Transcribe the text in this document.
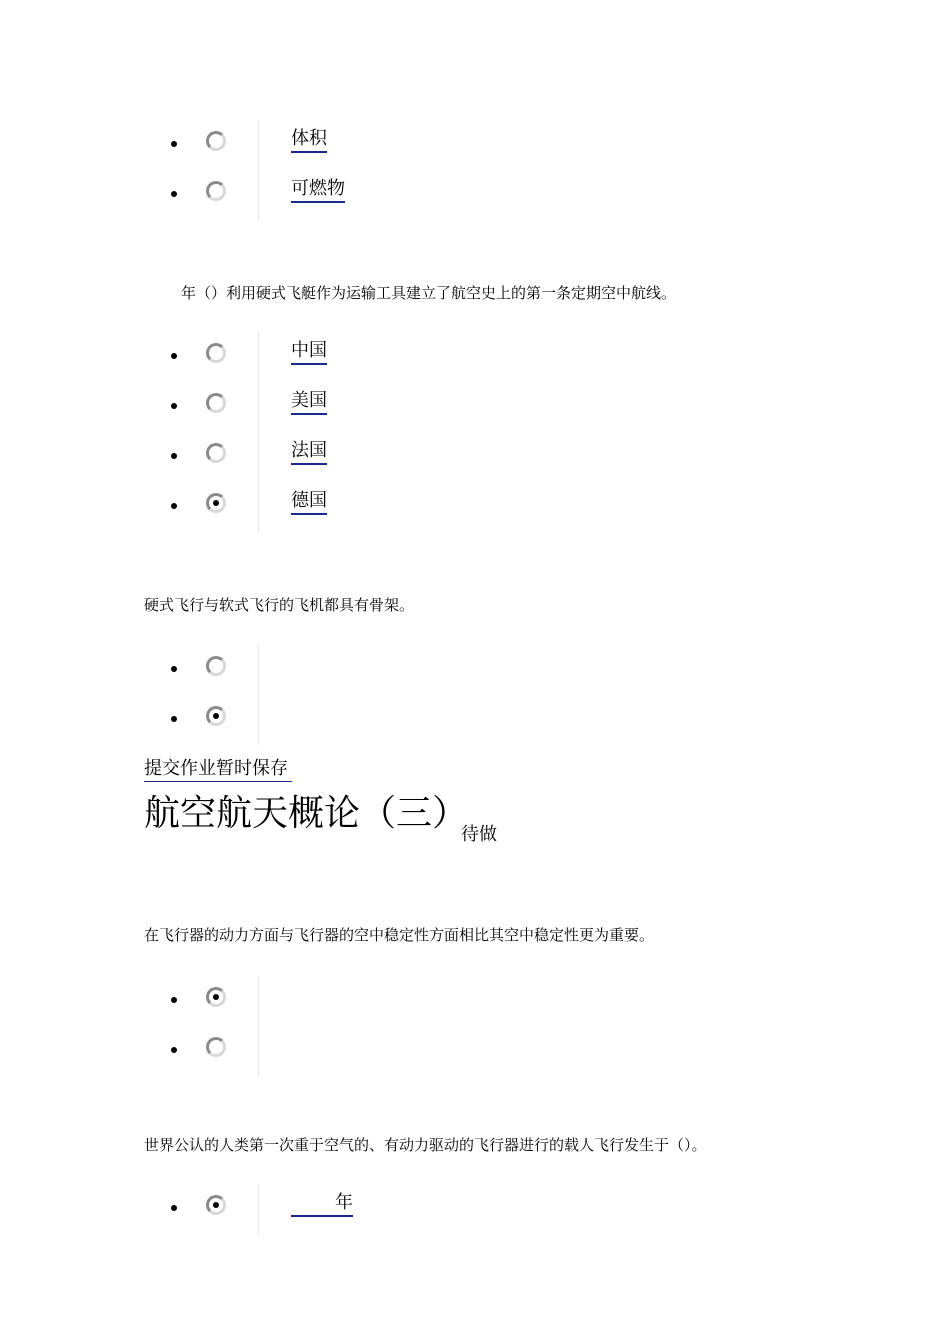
体积
可燃物
年（）利用硬式飞艇作为运输工具建立了航空史上的第一条定期空中航线。
中国
美国
法国
德国
硬式飞行与软式飞行的飞机都具有骨架。
提交作业暂时保存
航空航天概论（三）
待做
在飞行器的动力方面与飞行器的空中稳定性方面相比其空中稳定性更为重要。
世界公认的人类第一次重于空气的、有动力驱动的飞行器进行的载人飞行发生于（）。
年
